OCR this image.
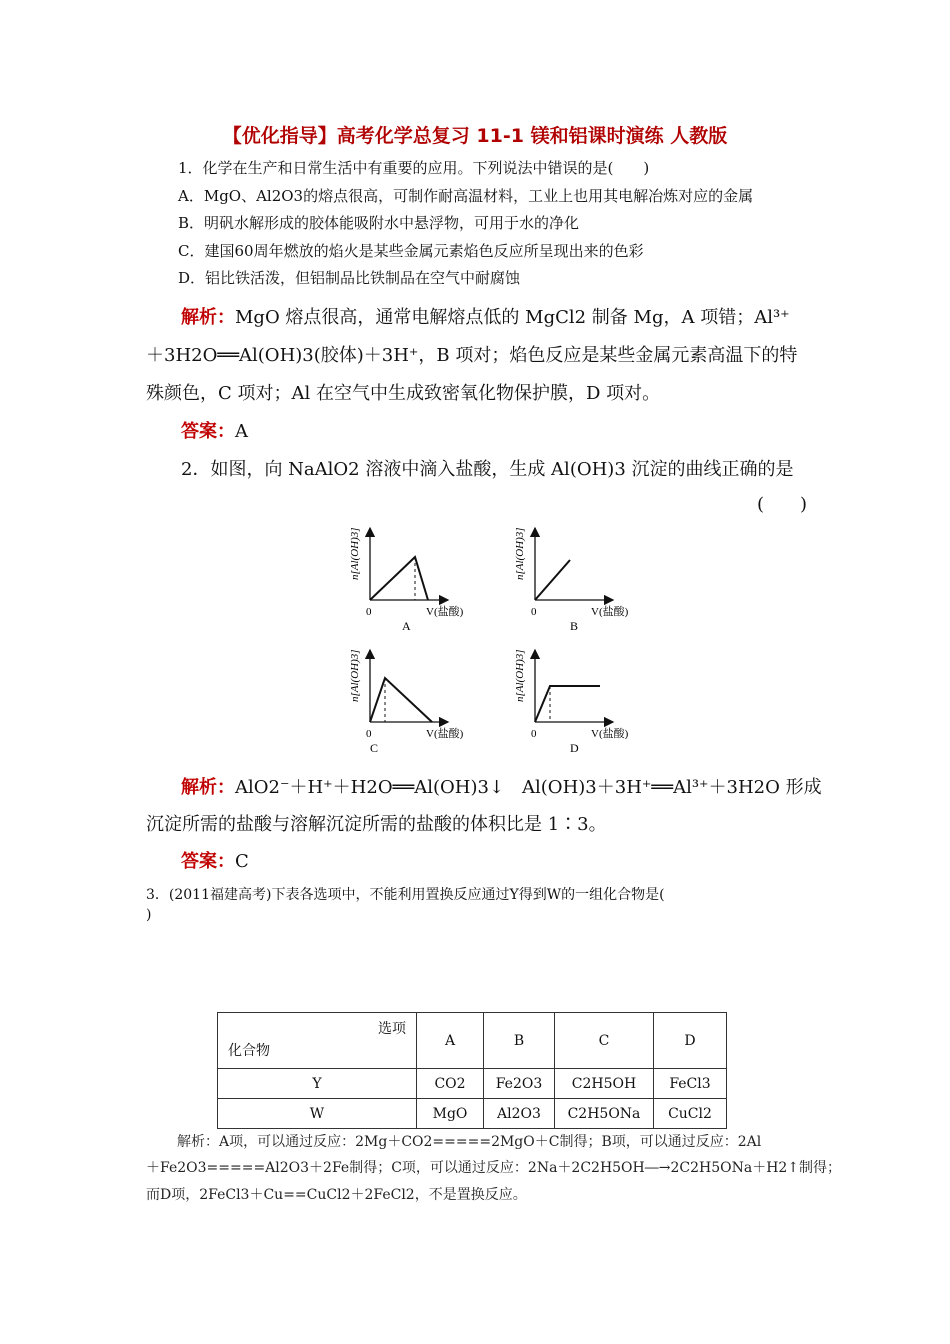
【优化指导】高考化学总复习 11-1 镁和铝课时演练 人教版
1．化学在生产和日常生活中有重要的应用。下列说法中错误的是(　　)
A．MgO、Al2O3的熔点很高，可制作耐高温材料，工业上也用其电解冶炼对应的金属
B．明矾水解形成的胶体能吸附水中悬浮物，可用于水的净化
C．建国60周年燃放的焰火是某些金属元素焰色反应所呈现出来的色彩
D．铝比铁活泼，但铝制品比铁制品在空气中耐腐蚀
解析：MgO 熔点很高，通常电解熔点低的 MgCl2 制备 Mg，A 项错；Al³⁺
＋3H2O══Al(OH)3(胶体)＋3H⁺，B 项对；焰色反应是某些金属元素高温下的特
殊颜色，C 项对；Al 在空气中生成致密氧化物保护膜，D 项对。
答案：A
2．如图，向 NaAlO2 溶液中滴入盐酸，生成 Al(OH)3 沉淀的曲线正确的是
(　　)
n[Al(OH)3]
0	V(盐酸)
A
n[Al(OH)3]
0	V(盐酸)
B
n[Al(OH)3]
0	V(盐酸)
C
n[Al(OH)3]
0	V(盐酸)
D
解析：AlO2⁻＋H⁺＋H2O══Al(OH)3↓　Al(OH)3＋3H⁺══Al³⁺＋3H2O 形成
沉淀所需的盐酸与溶解沉淀所需的盐酸的体积比是 1∶3。
答案：C
3．(2011福建高考)下表各选项中，不能利用置换反应通过Y得到W的一组化合物是(
)
选项
化合物	A	B	C	D
Y	CO2	Fe2O3	C2H5OH	FeCl3
W	MgO	Al2O3	C2H5ONa	CuCl2
解析：A项，可以通过反应：2Mg＋CO2=====2MgO＋C制得；B项，可以通过反应：2Al
＋Fe2O3=====Al2O3＋2Fe制得；C项，可以通过反应：2Na＋2C2H5OH―→2C2H5ONa＋H2↑制得；
而D项，2FeCl3＋Cu==CuCl2＋2FeCl2，不是置换反应。
